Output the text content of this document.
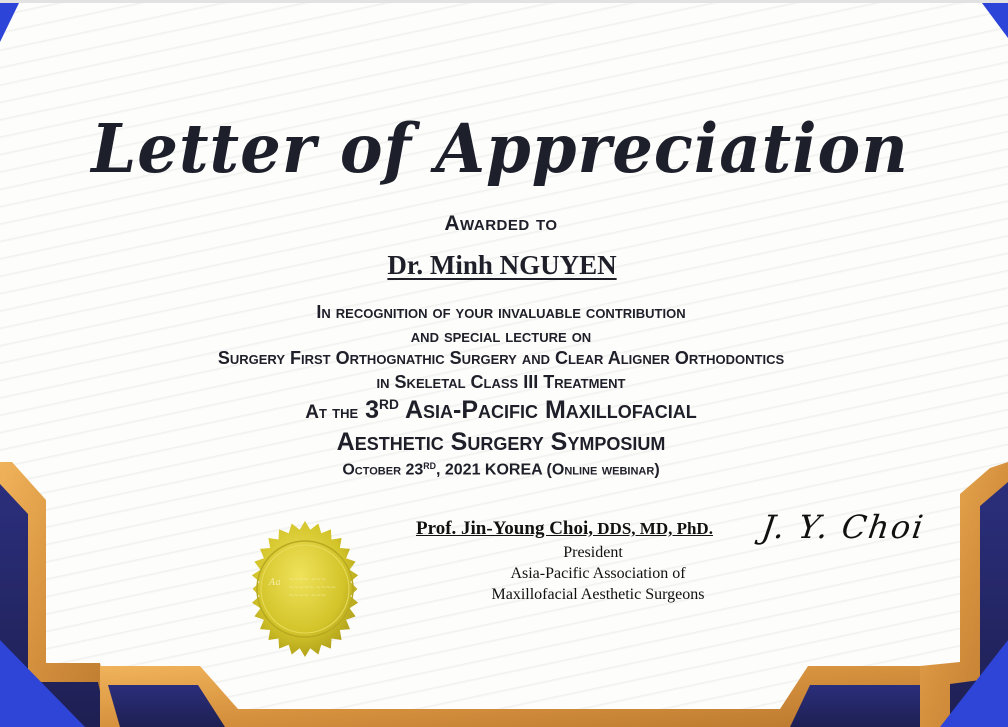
Letter of Appreciation
Awarded to
Dr. Minh NGUYEN
In recognition of your invaluable contribution
and special lecture on
Surgery First Orthognathic Surgery and Clear Aligner Orthodontics
in Skeletal Class III Treatment
At the 3RD Asia-Pacific Maxillofacial
Aesthetic Surgery Symposium
October 23RD, 2021 KOREA (Online webinar)
Aa ~~~~ ~~~
~~~~~ ~~~~
~~~~ ~~~
Prof. Jin-Young Choi, DDS, MD, PhD.
President
Asia-Pacific Association of
Maxillofacial Aesthetic Surgeons
J. Y. Choi
